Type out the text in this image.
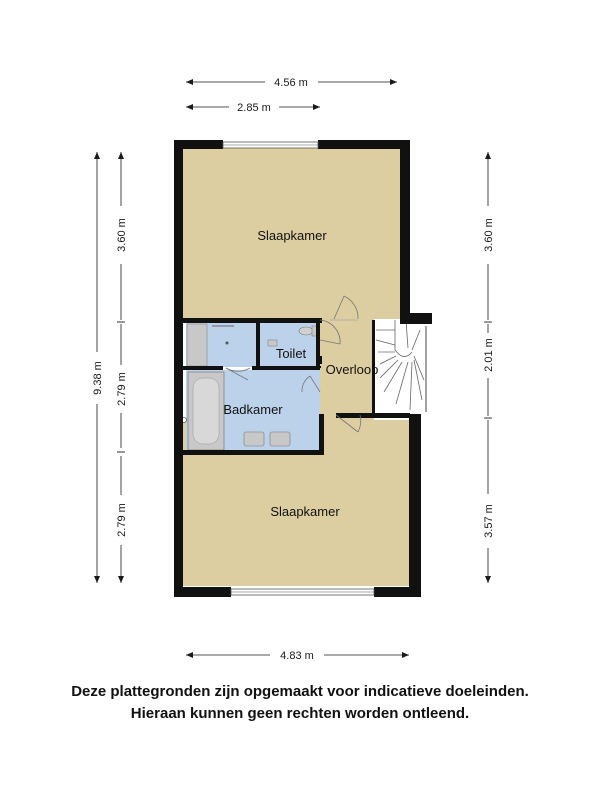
4.56 m
2.85 m
4.83 m
9.38 m
3.60 m
2.79 m
2.79 m
3.60 m
2.01 m
3.57 m
Slaapkamer
Toilet
Overloop
Badkamer
Slaapkamer
Deze plattegronden zijn opgemaakt voor indicatieve doeleinden.
Hieraan kunnen geen rechten worden ontleend.
